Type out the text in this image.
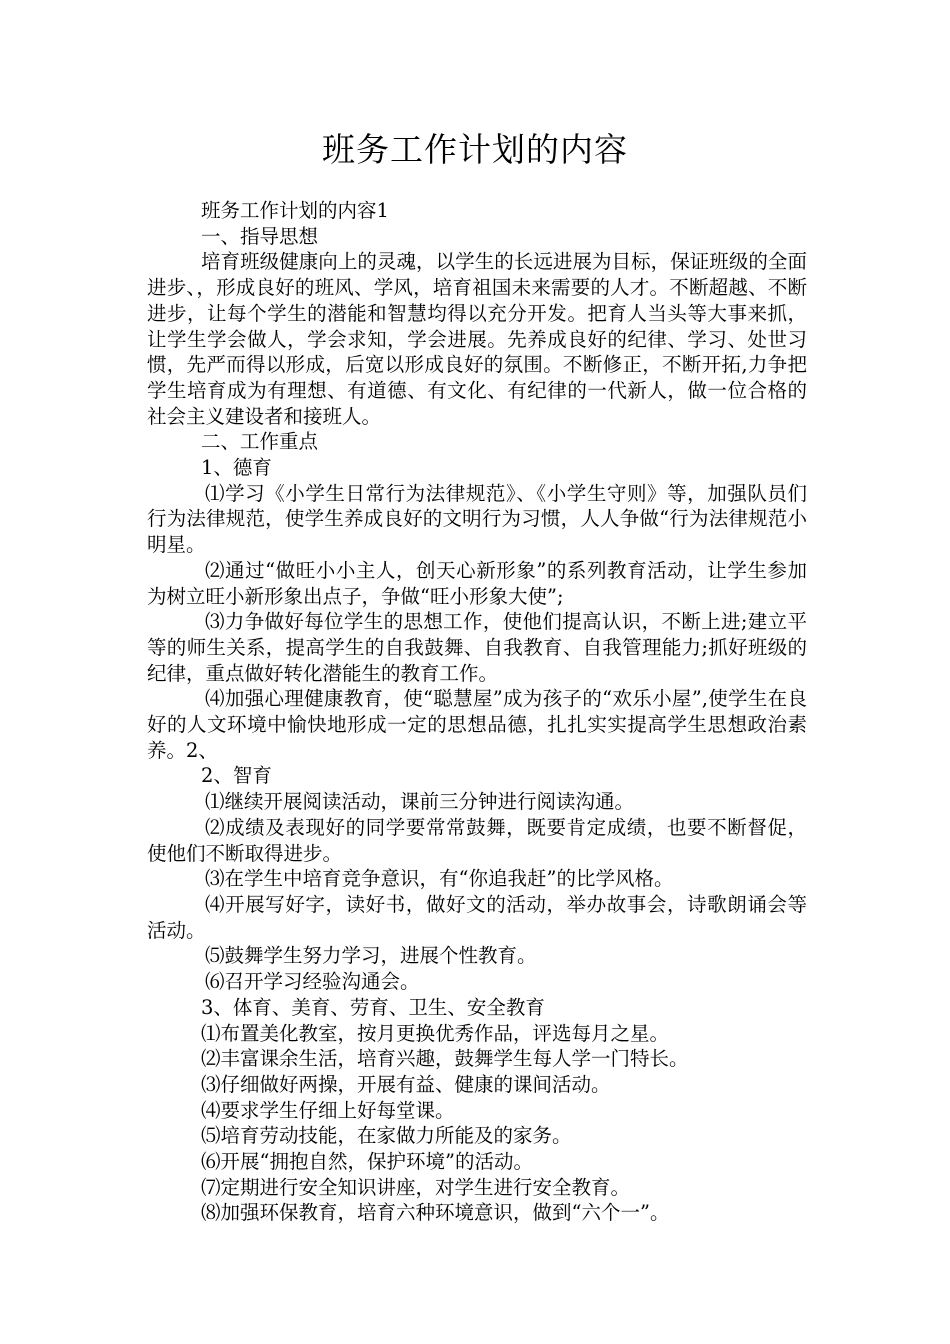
班务工作计划的内容

班务工作计划的内容1

一、指导思想

培育班级健康向上的灵魂，以学生的长远进展为目标，保证班级的全面进步、，形成良好的班风、学风，培育祖国未来需要的人才。不断超越、不断进步，让每个学生的潜能和智慧均得以充分开发。把育人当头等大事来抓，让学生学会做人，学会求知，学会进展。先养成良好的纪律、学习、处世习惯，先严而得以形成，后宽以形成良好的氛围。不断修正，不断开拓,力争把学生培育成为有理想、有道德、有文化、有纪律的一代新人，做一位合格的社会主义建设者和接班人。

二、工作重点

1、德育

⑴学习《小学生日常行为法律规范》、《小学生守则》等，加强队员们行为法律规范，使学生养成良好的文明行为习惯，人人争做“行为法律规范小明星。

⑵通过“做旺小小主人，创天心新形象”的系列教育活动，让学生参加为树立旺小新形象出点子，争做“旺小形象大使”;

⑶力争做好每位学生的思想工作，使他们提高认识，不断上进;建立平等的师生关系，提高学生的自我鼓舞、自我教育、自我管理能力;抓好班级的纪律，重点做好转化潜能生的教育工作。

⑷加强心理健康教育，使“聪慧屋”成为孩子的“欢乐小屋”,使学生在良好的人文环境中愉快地形成一定的思想品德，扎扎实实提高学生思想政治素养。2、

2、智育

⑴继续开展阅读活动，课前三分钟进行阅读沟通。

⑵成绩及表现好的同学要常常鼓舞，既要肯定成绩，也要不断督促，使他们不断取得进步。

⑶在学生中培育竞争意识，有“你追我赶”的比学风格。

⑷开展写好字，读好书，做好文的活动，举办故事会，诗歌朗诵会等活动。

⑸鼓舞学生努力学习，进展个性教育。

⑹召开学习经验沟通会。

3、体育、美育、劳育、卫生、安全教育

⑴布置美化教室，按月更换优秀作品，评选每月之星。

⑵丰富课余生活，培育兴趣，鼓舞学生每人学一门特长。

⑶仔细做好两操，开展有益、健康的课间活动。

⑷要求学生仔细上好每堂课。

⑸培育劳动技能，在家做力所能及的家务。

⑹开展“拥抱自然，保护环境”的活动。

⑺定期进行安全知识讲座，对学生进行安全教育。

⑻加强环保教育，培育六种环境意识，做到“六个一”。
